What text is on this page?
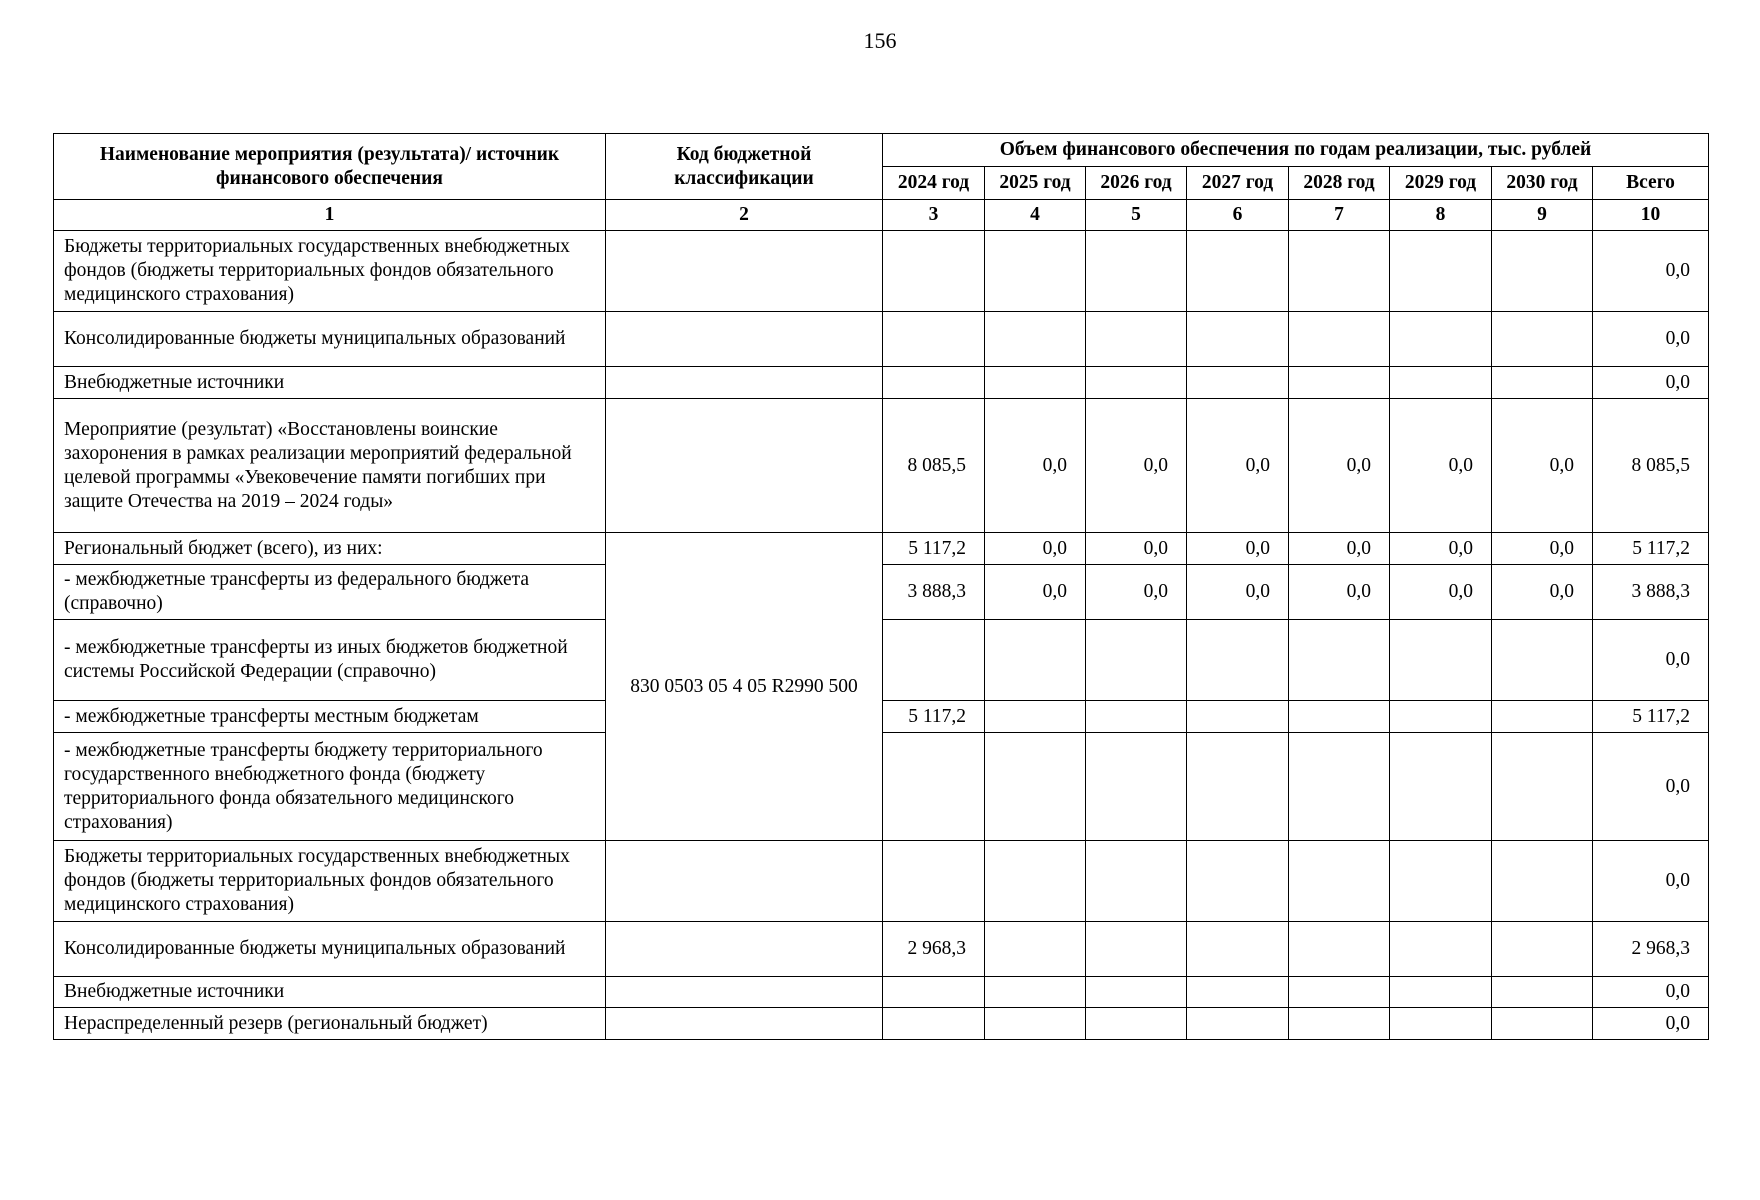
156
Наименование мероприятия (результата)/ источник финансового обеспечения	Код бюджетной классификации	Объем финансового обеспечения по годам реализации, тыс. рублей							
		2024 год	2025 год	2026 год	2027 год	2028 год	2029 год	2030 год	Всего
1	2	3	4	5	6	7	8	9	10
Бюджеты территориальных государственных внебюджетных фондов (бюджеты территориальных фондов обязательного медицинского страхования)									0,0
Консолидированные бюджеты муниципальных образований									0,0
Внебюджетные источники									0,0
Мероприятие (результат) «Восстановлены воинские захоронения в рамках реализации мероприятий федеральной целевой программы «Увековечение памяти погибших при защите Отечества на 2019 – 2024 годы»		8 085,5	0,0	0,0	0,0	0,0	0,0	0,0	8 085,5
Региональный бюджет (всего), из них:	830 0503 05 4 05 R2990 500	5 117,2	0,0	0,0	0,0	0,0	0,0	0,0	5 117,2
- межбюджетные трансферты из федерального бюджета (справочно)		3 888,3	0,0	0,0	0,0	0,0	0,0	0,0	3 888,3
- межбюджетные трансферты из иных бюджетов бюджетной системы Российской Федерации (справочно)									0,0
- межбюджетные трансферты местным бюджетам		5 117,2							5 117,2
- межбюджетные трансферты бюджету территориального государственного внебюджетного фонда (бюджету территориального фонда обязательного медицинского страхования)									0,0
Бюджеты территориальных государственных внебюджетных фондов (бюджеты территориальных фондов обязательного медицинского страхования)									0,0
Консолидированные бюджеты муниципальных образований		2 968,3							2 968,3
Внебюджетные источники									0,0
Нераспределенный резерв (региональный бюджет)									0,0
